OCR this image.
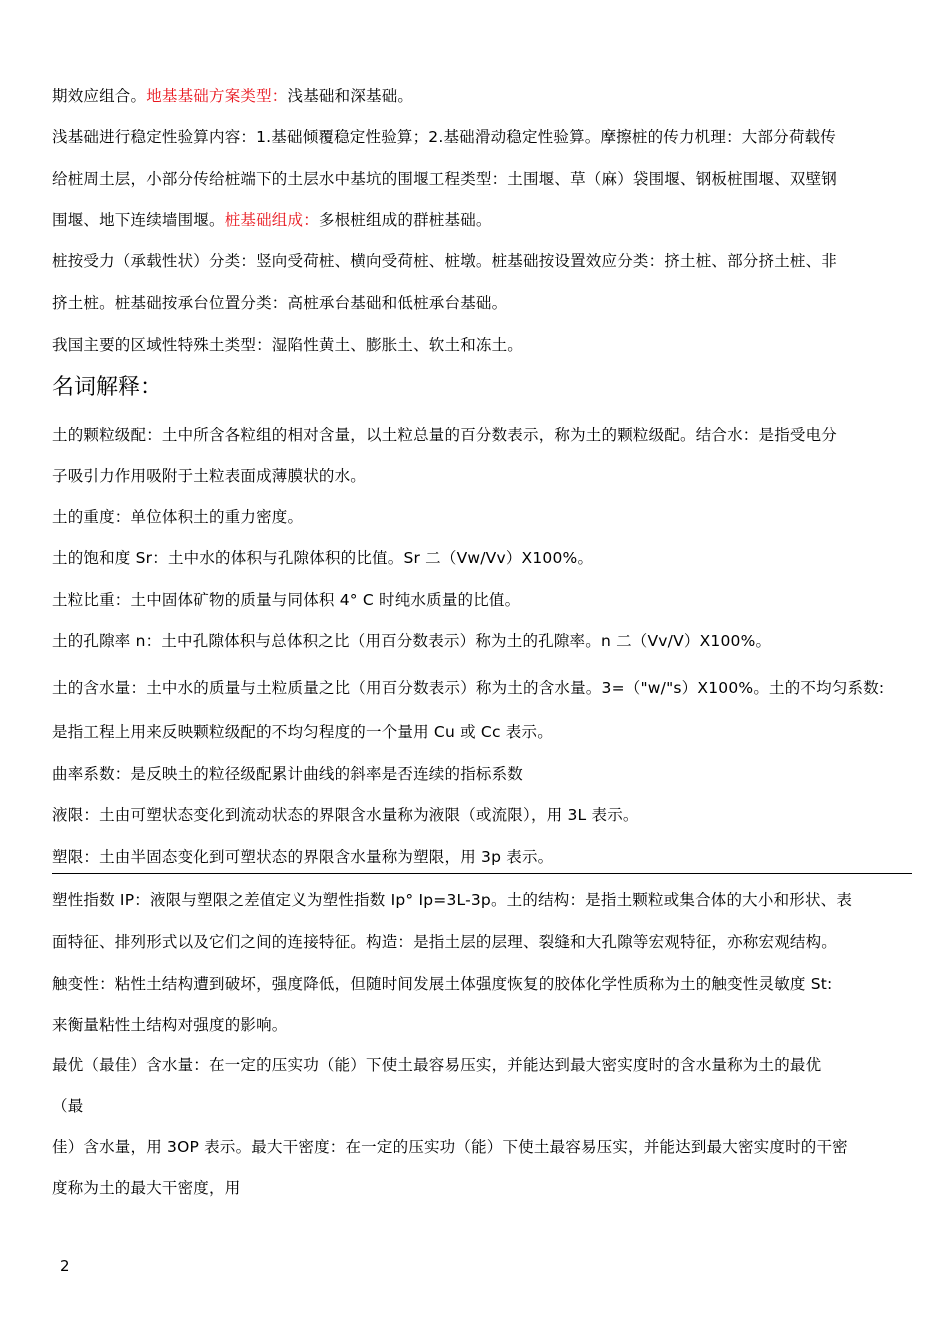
期效应组合。地基基础方案类型：浅基础和深基础。
浅基础进行稳定性验算内容：1.基础倾覆稳定性验算；2.基础滑动稳定性验算。摩擦桩的传力机理：大部分荷载传
给桩周土层，小部分传给桩端下的土层水中基坑的围堰工程类型：土围堰、草（麻）袋围堰、钢板桩围堰、双壁钢
围堰、地下连续墙围堰。桩基础组成：多根桩组成的群桩基础。
桩按受力（承载性状）分类：竖向受荷桩、横向受荷桩、桩墩。桩基础按设置效应分类：挤土桩、部分挤土桩、非
挤土桩。桩基础按承台位置分类：高桩承台基础和低桩承台基础。
我国主要的区域性特殊土类型：湿陷性黄土、膨胀土、软土和冻土。
名词解释：
土的颗粒级配：土中所含各粒组的相对含量，以土粒总量的百分数表示，称为土的颗粒级配。结合水：是指受电分
子吸引力作用吸附于土粒表面成薄膜状的水。
土的重度：单位体积土的重力密度。
土的饱和度 Sr：土中水的体积与孔隙体积的比值。Sr 二（Vw/Vv）X100%。
土粒比重：土中固体矿物的质量与同体积 4° C 时纯水质量的比值。
土的孔隙率 n：土中孔隙体积与总体积之比（用百分数表示）称为土的孔隙率。n 二（Vv/V）X100%。
土的含水量：土中水的质量与土粒质量之比（用百分数表示）称为土的含水量。3=（"w/"s）X100%。土的不均匀系数:
是指工程上用来反映颗粒级配的不均匀程度的一个量用 Cu 或 Cc 表示。
曲率系数：是反映土的粒径级配累计曲线的斜率是否连续的指标系数
液限：土由可塑状态变化到流动状态的界限含水量称为液限（或流限），用 3L 表示。
塑限：土由半固态变化到可塑状态的界限含水量称为塑限，用 3p 表示。
塑性指数 IP：液限与塑限之差值定义为塑性指数 Ip° Ip=3L-3p。土的结构：是指土颗粒或集合体的大小和形状、表
面特征、排列形式以及它们之间的连接特征。构造：是指土层的层理、裂缝和大孔隙等宏观特征，亦称宏观结构。
触变性：粘性土结构遭到破坏，强度降低，但随时间发展土体强度恢复的胶体化学性质称为土的触变性灵敏度 St:
来衡量粘性土结构对强度的影响。
最优（最佳）含水量：在一定的压实功（能）下使土最容易压实，并能达到最大密实度时的含水量称为土的最优
（最
佳）含水量，用 3OP 表示。最大干密度：在一定的压实功（能）下使土最容易压实，并能达到最大密实度时的干密
度称为土的最大干密度，用
2
